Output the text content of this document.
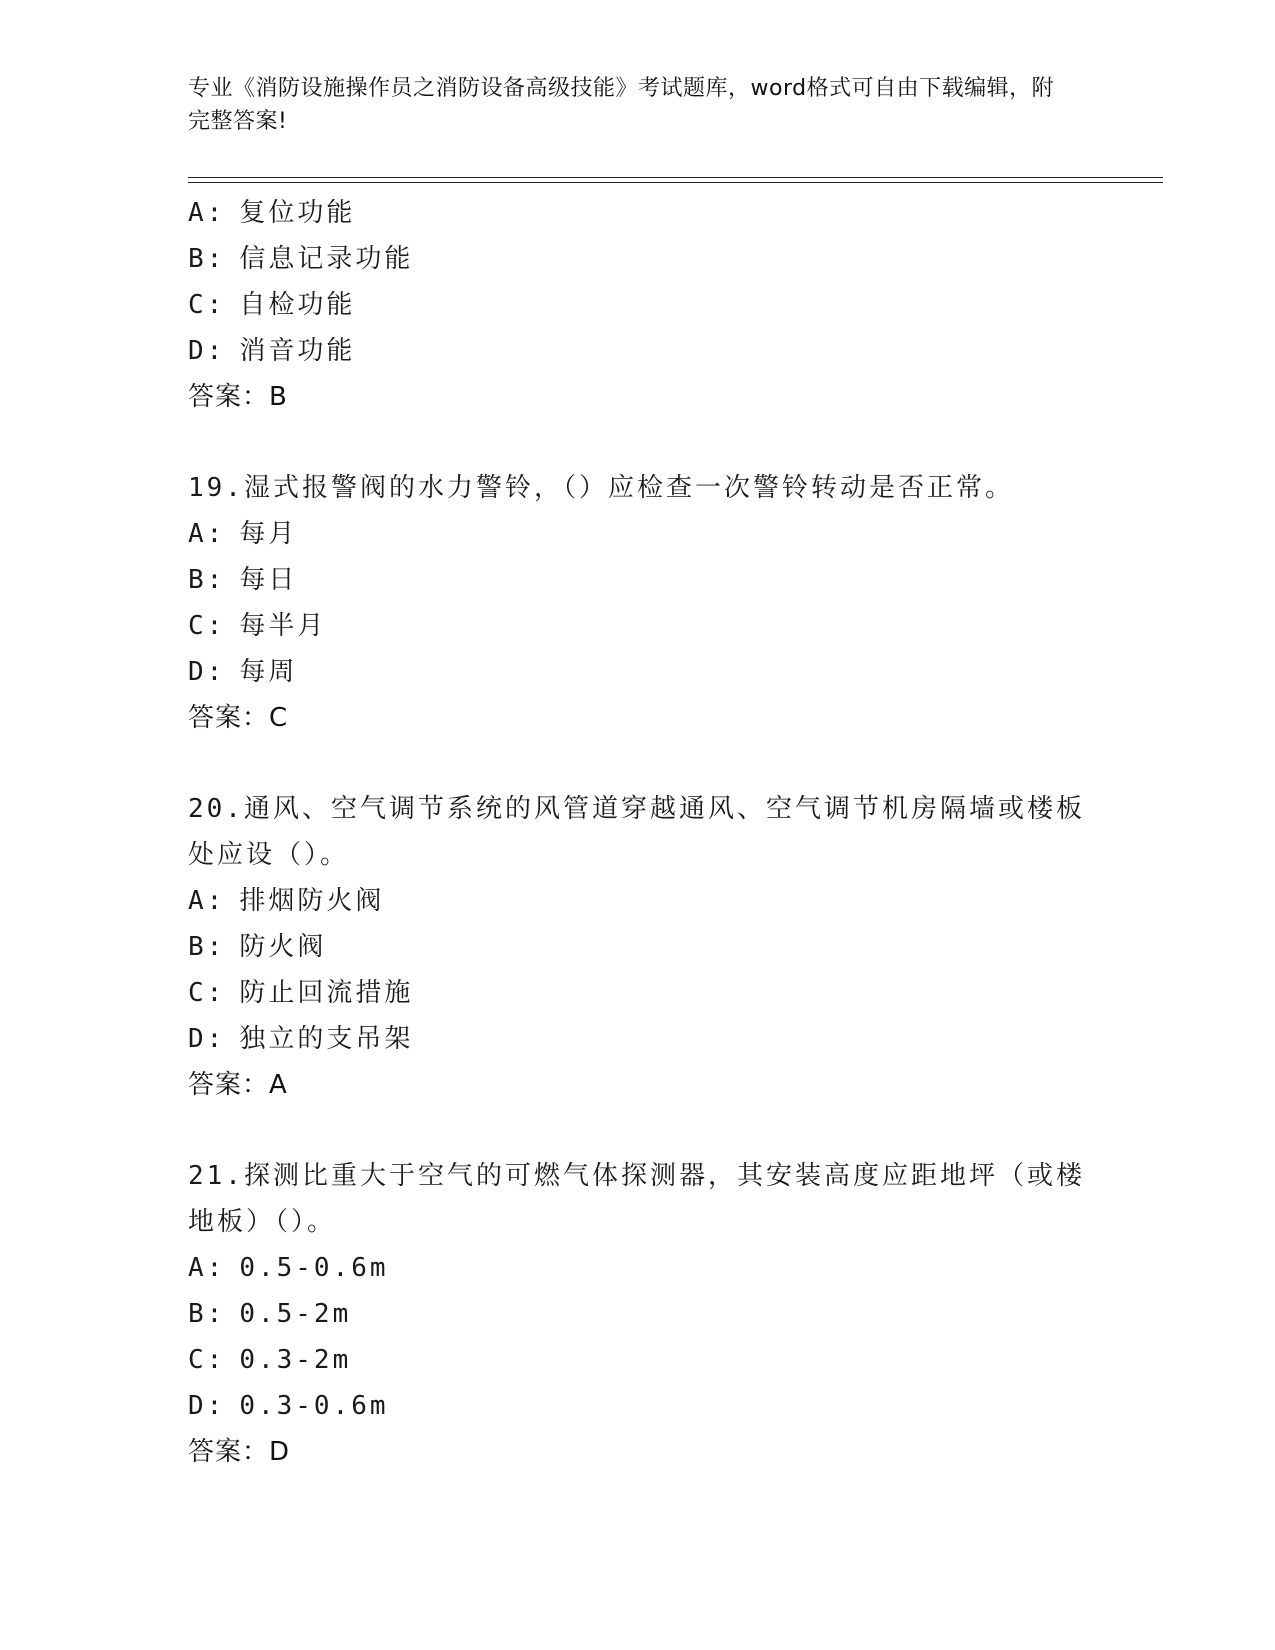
专业《消防设施操作员之消防设备高级技能》考试题库，word格式可自由下载编辑，附完整答案!
A: 复位功能
B: 信息记录功能
C: 自检功能
D: 消音功能
答案：B
19.湿式报警阀的水力警铃，（）应检查一次警铃转动是否正常。
A: 每月
B: 每日
C: 每半月
D: 每周
答案：C
20.通风、空气调节系统的风管道穿越通风、空气调节机房隔墙或楼板处应设（）。
A: 排烟防火阀
B: 防火阀
C: 防止回流措施
D: 独立的支吊架
答案：A
21.探测比重大于空气的可燃气体探测器，其安装高度应距地坪（或楼地板）（）。
A: 0.5-0.6m
B: 0.5-2m
C: 0.3-2m
D: 0.3-0.6m
答案：D
